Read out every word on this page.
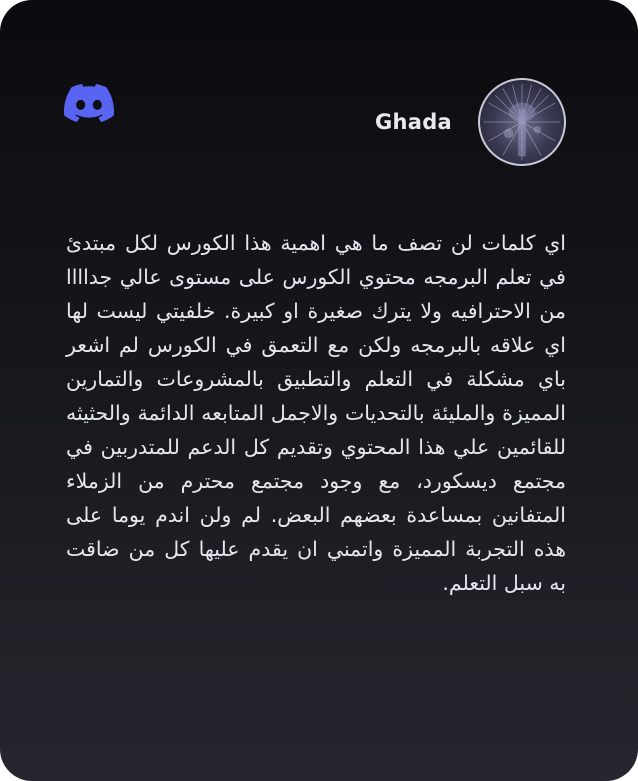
Ghada

اي كلمات لن تصف ما هي اهمية هذا الكورس لكل مبتدئ في تعلم البرمجه محتوي الكورس على مستوى عالي جداااا من الاحترافيه ولا يترك صغيرة او كبيرة. خلفيتي ليست لها اي علاقه بالبرمجه ولكن مع التعمق في الكورس لم اشعر باي مشكلة في التعلم والتطبيق بالمشروعات والتمارين المميزة والمليئة بالتحديات والاجمل المتابعه الدائمة والحثيثه للقائمين علي هذا المحتوي وتقديم كل الدعم للمتدربين في مجتمع ديسكورد، مع وجود مجتمع محترم من الزملاء المتفانين بمساعدة بعضهم البعض. لم ولن اندم يوما على هذه التجربة المميزة واتمني ان يقدم عليها كل من ضاقت به سبل التعلم.
